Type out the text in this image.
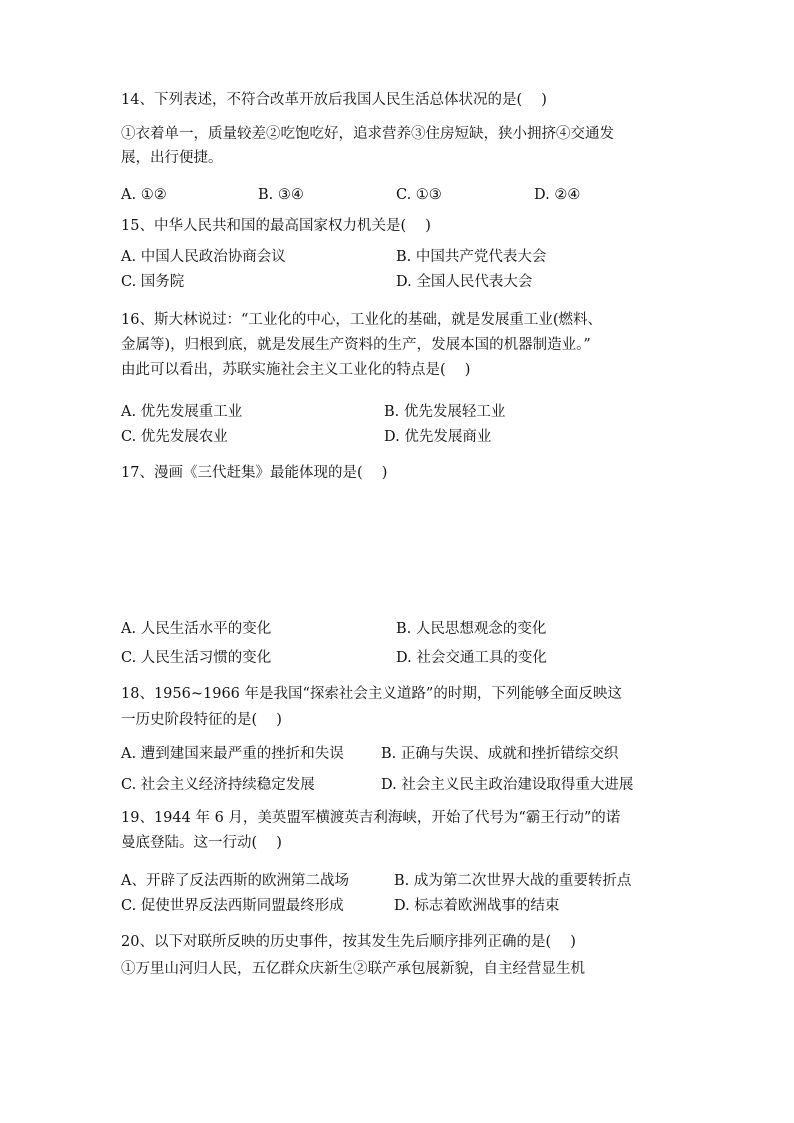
14、下列表述，不符合改革开放后我国人民生活总体状况的是(　 )
①衣着单一，质量较差②吃饱吃好，追求营养③住房短缺，狭小拥挤④交通发
展，出行便捷。
A. ①②	B. ③④	C. ①③	D. ②④
15、中华人民共和国的最高国家权力机关是(　 )
A. 中国人民政治协商会议	B. 中国共产党代表大会
C. 国务院	D. 全国人民代表大会
16、斯大林说过：“工业化的中心，工业化的基础，就是发展重工业(燃料、
金属等)，归根到底，就是发展生产资料的生产，发展本国的机器制造业。”
由此可以看出，苏联实施社会主义工业化的特点是(　 )
A. 优先发展重工业	B. 优先发展轻工业
C. 优先发展农业	D. 优先发展商业
17、漫画《三代赶集》最能体现的是(　 )
A. 人民生活水平的变化	B. 人民思想观念的变化
C. 人民生活习惯的变化	D. 社会交通工具的变化
18、1956~1966 年是我国“探索社会主义道路”的时期，下列能够全面反映这
一历史阶段特征的是(　 )
A. 遭到建国来最严重的挫折和失误	B. 正确与失误、成就和挫折错综交织
C. 社会主义经济持续稳定发展	D. 社会主义民主政治建设取得重大进展
19、1944 年 6 月，美英盟军横渡英吉利海峡，开始了代号为“霸王行动”的诺
曼底登陆。这一行动(　 )
A、开辟了反法西斯的欧洲第二战场	B. 成为第二次世界大战的重要转折点
C. 促使世界反法西斯同盟最终形成	D. 标志着欧洲战事的结束
20、以下对联所反映的历史事件，按其发生先后顺序排列正确的是(　 )
①万里山河归人民，五亿群众庆新生②联产承包展新貌，自主经营显生机
